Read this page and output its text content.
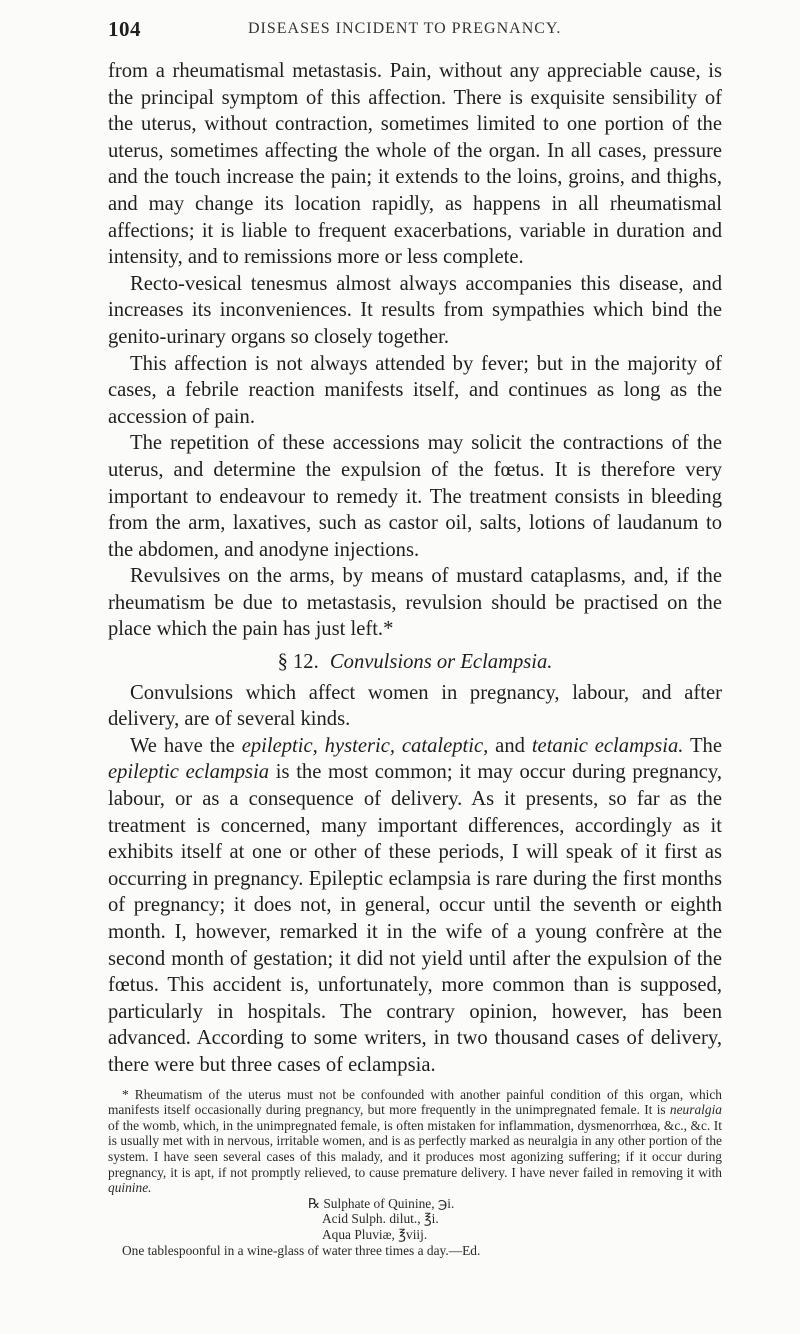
104	DISEASES INCIDENT TO PREGNANCY.

from a rheumatismal metastasis. Pain, without any appreciable cause, is the principal symptom of this affection. There is exquisite sensibility of the uterus, without contraction, sometimes limited to one portion of the uterus, sometimes affecting the whole of the organ. In all cases, pressure and the touch increase the pain; it extends to the loins, groins, and thighs, and may change its location rapidly, as happens in all rheumatismal affections; it is liable to frequent exacerbations, variable in duration and intensity, and to remissions more or less complete.

Recto-vesical tenesmus almost always accompanies this disease, and increases its inconveniences. It results from sympathies which bind the genito-urinary organs so closely together.

This affection is not always attended by fever; but in the majority of cases, a febrile reaction manifests itself, and continues as long as the accession of pain.

The repetition of these accessions may solicit the contractions of the uterus, and determine the expulsion of the fœtus. It is therefore very important to endeavour to remedy it. The treatment consists in bleeding from the arm, laxatives, such as castor oil, salts, lotions of laudanum to the abdomen, and anodyne injections.

Revulsives on the arms, by means of mustard cataplasms, and, if the rheumatism be due to metastasis, revulsion should be practised on the place which the pain has just left.*

§ 12. Convulsions or Eclampsia.

Convulsions which affect women in pregnancy, labour, and after delivery, are of several kinds.

We have the epileptic, hysteric, cataleptic, and tetanic eclampsia. The epileptic eclampsia is the most common; it may occur during pregnancy, labour, or as a consequence of delivery. As it presents, so far as the treatment is concerned, many important differences, accordingly as it exhibits itself at one or other of these periods, I will speak of it first as occurring in pregnancy. Epileptic eclampsia is rare during the first months of pregnancy; it does not, in general, occur until the seventh or eighth month. I, however, remarked it in the wife of a young confrère at the second month of gestation; it did not yield until after the expulsion of the fœtus. This accident is, unfortunately, more common than is supposed, particularly in hospitals. The contrary opinion, however, has been advanced. According to some writers, in two thousand cases of delivery, there were but three cases of eclampsia.

* Rheumatism of the uterus must not be confounded with another painful condition of this organ, which manifests itself occasionally during pregnancy, but more frequently in the unimpregnated female. It is neuralgia of the womb, which, in the unimpregnated female, is often mistaken for inflammation, dysmenorrhœa, &c., &c. It is usually met with in nervous, irritable women, and is as perfectly marked as neuralgia in any other portion of the system. I have seen several cases of this malady, and it produces most agonizing suffering; if it occur during pregnancy, it is apt, if not promptly relieved, to cause premature delivery. I have never failed in removing it with quinine.

℞ Sulphate of Quinine, ℈i.
Acid Sulph. dilut., ℥i.
Aqua Pluviæ, ℥viij.

One tablespoonful in a wine-glass of water three times a day.—Ed.
